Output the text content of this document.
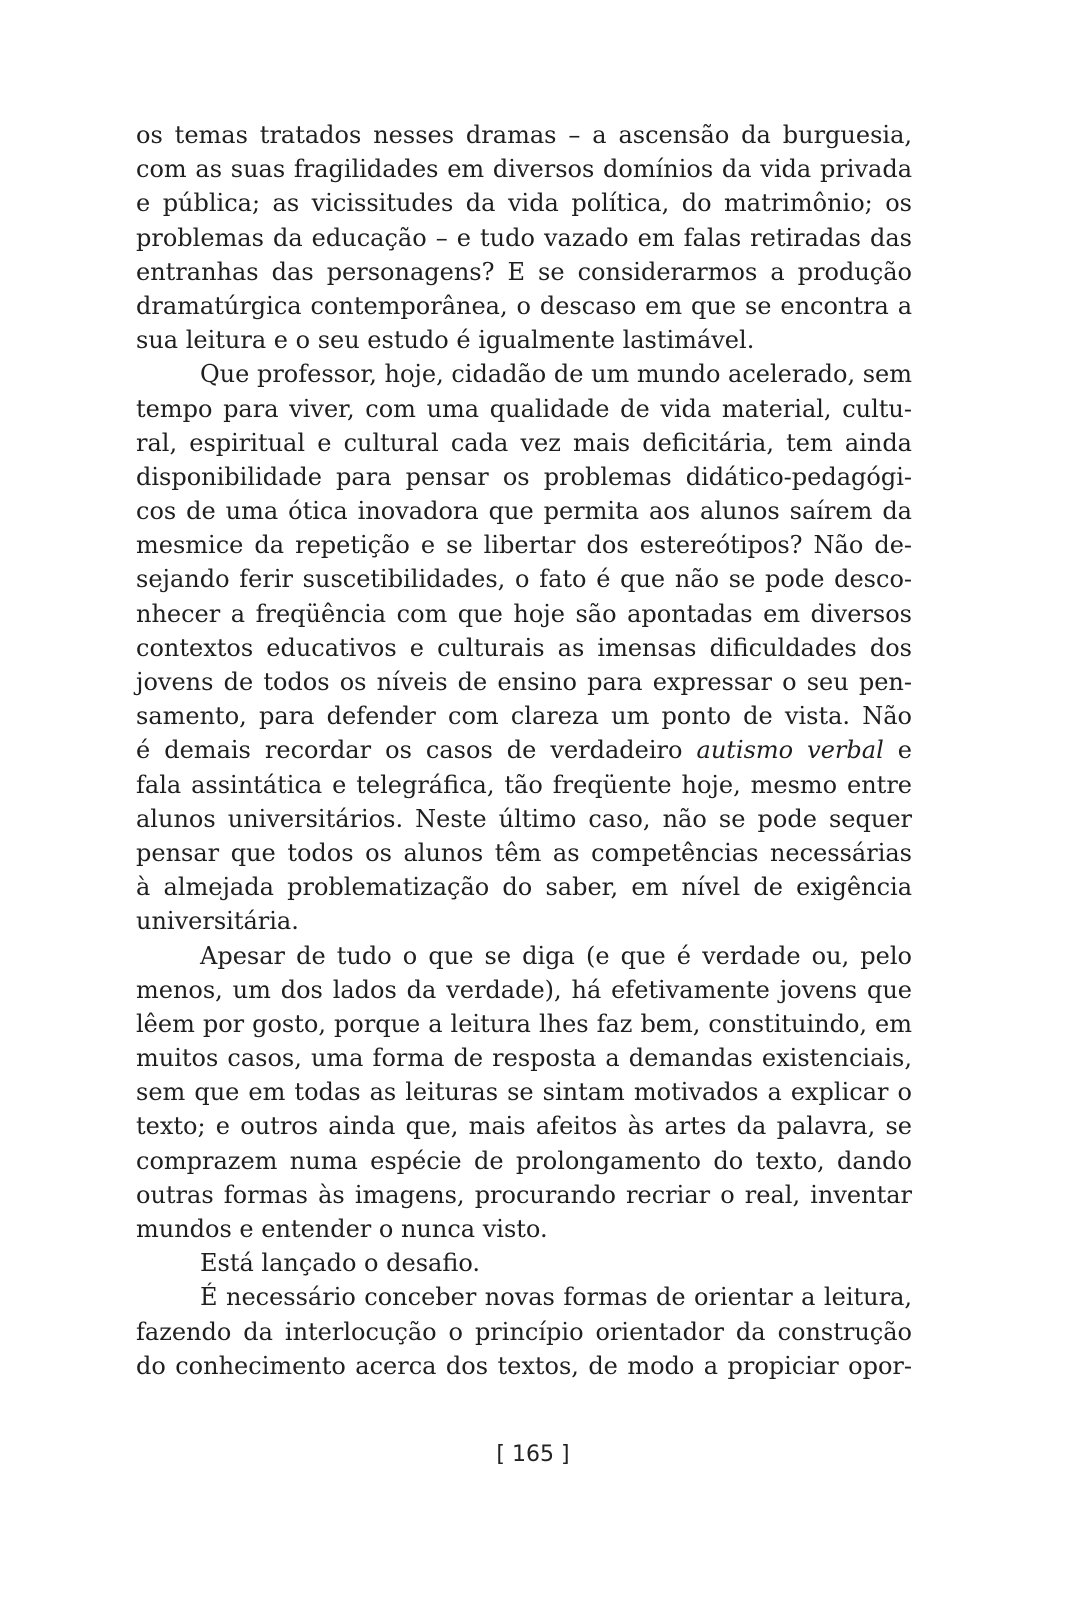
os temas tratados nesses dramas – a ascensão da burguesia,
com as suas fragilidades em diversos domínios da vida privada
e pública; as vicissitudes da vida política, do matrimônio; os
problemas da educação – e tudo vazado em falas retiradas das
entranhas das personagens? E se considerarmos a produção
dramatúrgica contemporânea, o descaso em que se encontra a
sua leitura e o seu estudo é igualmente lastimável.
Que professor, hoje, cidadão de um mundo acelerado, sem
tempo para viver, com uma qualidade de vida material, cultu-
ral, espiritual e cultural cada vez mais deficitária, tem ainda
disponibilidade para pensar os problemas didático-pedagógi-
cos de uma ótica inovadora que permita aos alunos saírem da
mesmice da repetição e se libertar dos estereótipos? Não de-
sejando ferir suscetibilidades, o fato é que não se pode desco-
nhecer a freqüência com que hoje são apontadas em diversos
contextos educativos e culturais as imensas dificuldades dos
jovens de todos os níveis de ensino para expressar o seu pen-
samento, para defender com clareza um ponto de vista. Não
é demais recordar os casos de verdadeiro autismo verbal e
fala assintática e telegráfica, tão freqüente hoje, mesmo entre
alunos universitários. Neste último caso, não se pode sequer
pensar que todos os alunos têm as competências necessárias
à almejada problematização do saber, em nível de exigência
universitária.
Apesar de tudo o que se diga (e que é verdade ou, pelo
menos, um dos lados da verdade), há efetivamente jovens que
lêem por gosto, porque a leitura lhes faz bem, constituindo, em
muitos casos, uma forma de resposta a demandas existenciais,
sem que em todas as leituras se sintam motivados a explicar o
texto; e outros ainda que, mais afeitos às artes da palavra, se
comprazem numa espécie de prolongamento do texto, dando
outras formas às imagens, procurando recriar o real, inventar
mundos e entender o nunca visto.
Está lançado o desafio.
É necessário conceber novas formas de orientar a leitura,
fazendo da interlocução o princípio orientador da construção
do conhecimento acerca dos textos, de modo a propiciar opor-
[ 165 ]
